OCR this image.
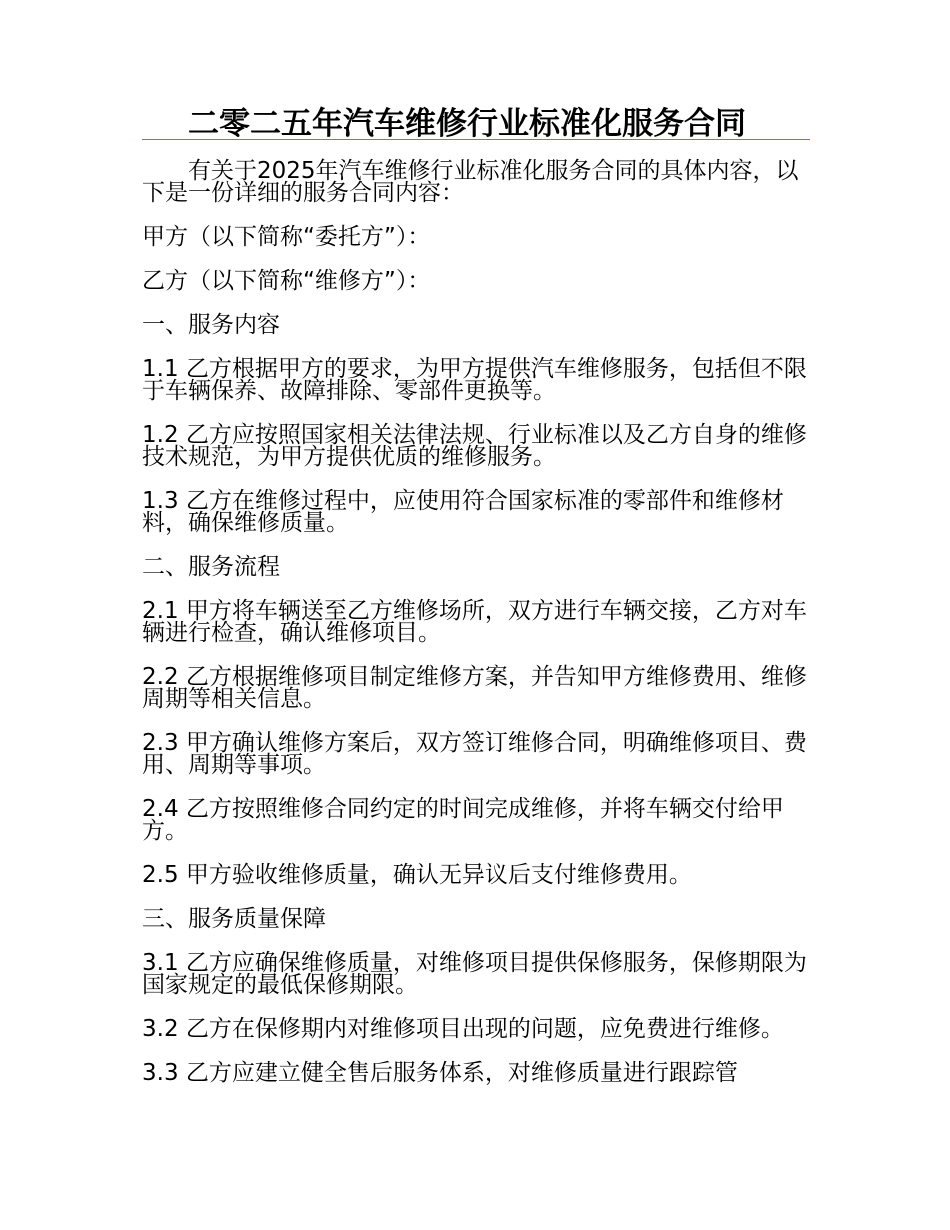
二零二五年汽车维修行业标准化服务合同

有关于2025年汽车维修行业标准化服务合同的具体内容，以下是一份详细的服务合同内容：

甲方（以下简称“委托方”）：

乙方（以下简称“维修方”）：

一、服务内容

1.1 乙方根据甲方的要求，为甲方提供汽车维修服务，包括但不限于车辆保养、故障排除、零部件更换等。

1.2 乙方应按照国家相关法律法规、行业标准以及乙方自身的维修技术规范，为甲方提供优质的维修服务。

1.3 乙方在维修过程中，应使用符合国家标准的零部件和维修材料，确保维修质量。

二、服务流程

2.1 甲方将车辆送至乙方维修场所，双方进行车辆交接，乙方对车辆进行检查，确认维修项目。

2.2 乙方根据维修项目制定维修方案，并告知甲方维修费用、维修周期等相关信息。

2.3 甲方确认维修方案后，双方签订维修合同，明确维修项目、费用、周期等事项。

2.4 乙方按照维修合同约定的时间完成维修，并将车辆交付给甲方。

2.5 甲方验收维修质量，确认无异议后支付维修费用。

三、服务质量保障

3.1 乙方应确保维修质量，对维修项目提供保修服务，保修期限为国家规定的最低保修期限。

3.2 乙方在保修期内对维修项目出现的问题，应免费进行维修。

3.3 乙方应建立健全售后服务体系，对维修质量进行跟踪管
